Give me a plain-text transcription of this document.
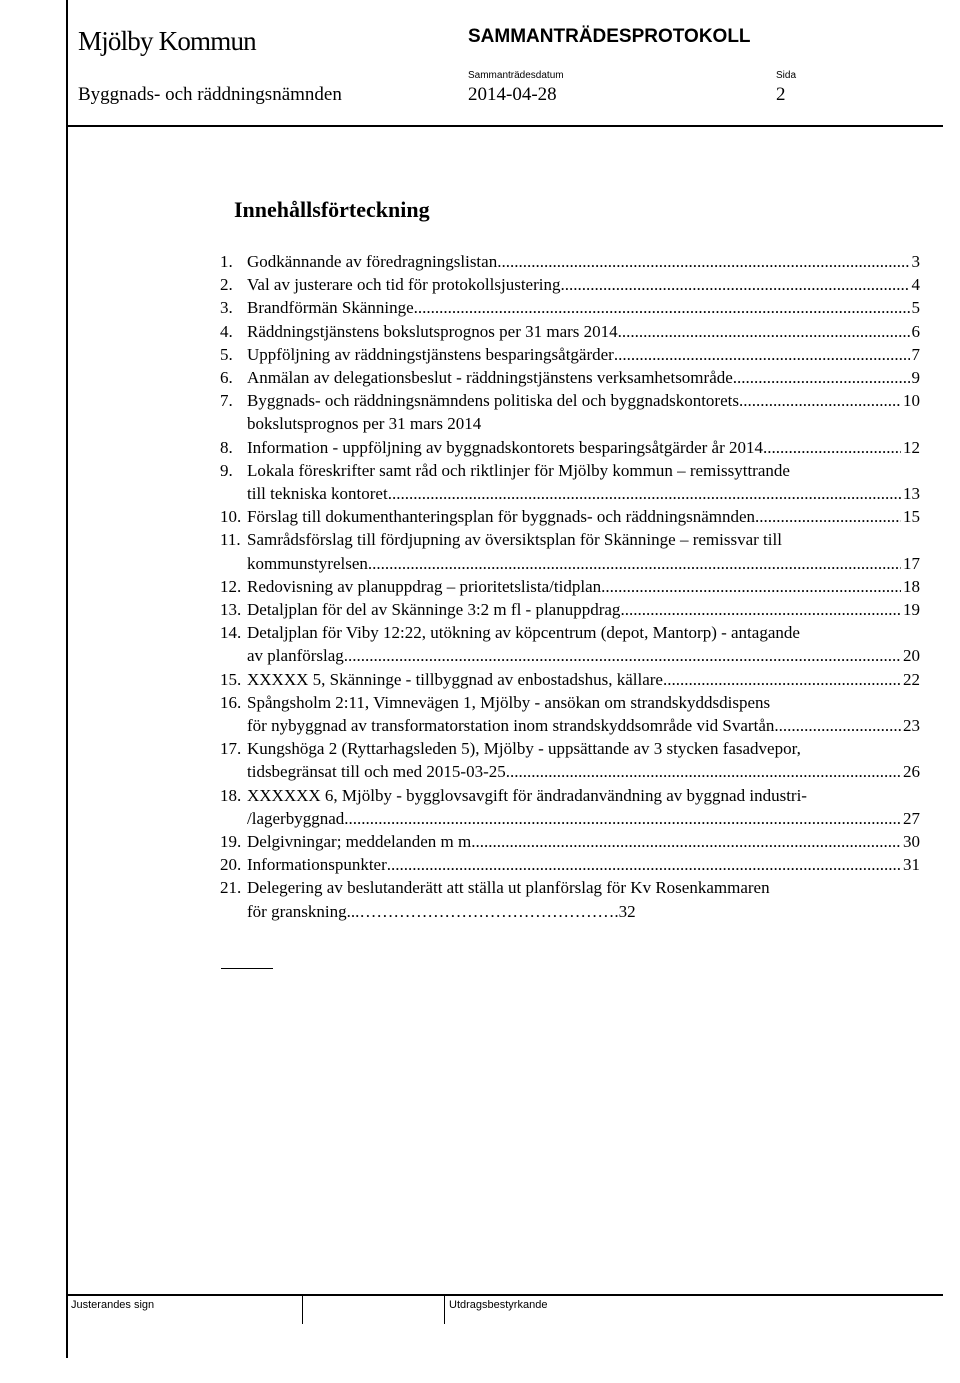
Mjölby Kommun	SAMMANTRÄDESPROTOKOLL
Sammanträdesdatum	Sida
Byggnads- och räddningsnämnden	2014-04-28	2
Innehållsförteckning
1. Godkännande av föredragningslistan .....	3
2. Val av justerare och tid för protokollsjustering .....	4
3. Brandförmän Skänninge .....	5
4. Räddningstjänstens bokslutsprognos per 31 mars 2014 .....	6
5. Uppföljning av räddningstjänstens besparingsåtgärder .....	7
6. Anmälan av delegationsbeslut - räddningstjänstens verksamhetsområde .....	9
7. Byggnads- och räddningsnämndens politiska del och byggnadskontorets .....	10
bokslutsprognos per 31 mars 2014
8. Information - uppföljning av byggnadskontorets besparingsåtgärder år 2014 .....	12
9. Lokala föreskrifter samt råd och riktlinjer för Mjölby kommun – remissyttrande
till tekniska kontoret .....	13
10. Förslag till dokumenthanteringsplan för byggnads- och räddningsnämnden .....	15
11. Samrådsförslag till fördjupning av översiktsplan för Skänninge – remissvar till
kommunstyrelsen .....	17
12. Redovisning av planuppdrag – prioritetslista/tidplan .....	18
13. Detaljplan för del av Skänninge 3:2 m fl - planuppdrag .....	19
14. Detaljplan för Viby 12:22, utökning av köpcentrum (depot, Mantorp) - antagande
av planförslag .....	20
15. XXXXX 5, Skänninge - tillbyggnad av enbostadshus, källare .....	22
16. Spångsholm 2:11, Vimnevägen 1, Mjölby - ansökan om strandskyddsdispens
för nybyggnad av transformatorstation inom strandskyddsområde vid Svartån .....	23
17. Kungshöga 2 (Ryttarhagsleden 5), Mjölby - uppsättande av 3 stycken fasadvepor,
tidsbegränsat till och med 2015-03-25 .....	26
18. XXXXXX 6, Mjölby - bygglovsavgift för ändradanvändning av byggnad industri-
/lagerbyggnad .....	27
19. Delgivningar; meddelanden m m .....	30
20. Informationspunkter .....	31
21. Delegering av beslutanderätt att ställa ut planförslag för Kv Rosenkammaren
för granskning...……………………………………….32
Justerandes sign	Utdragsbestyrkande
